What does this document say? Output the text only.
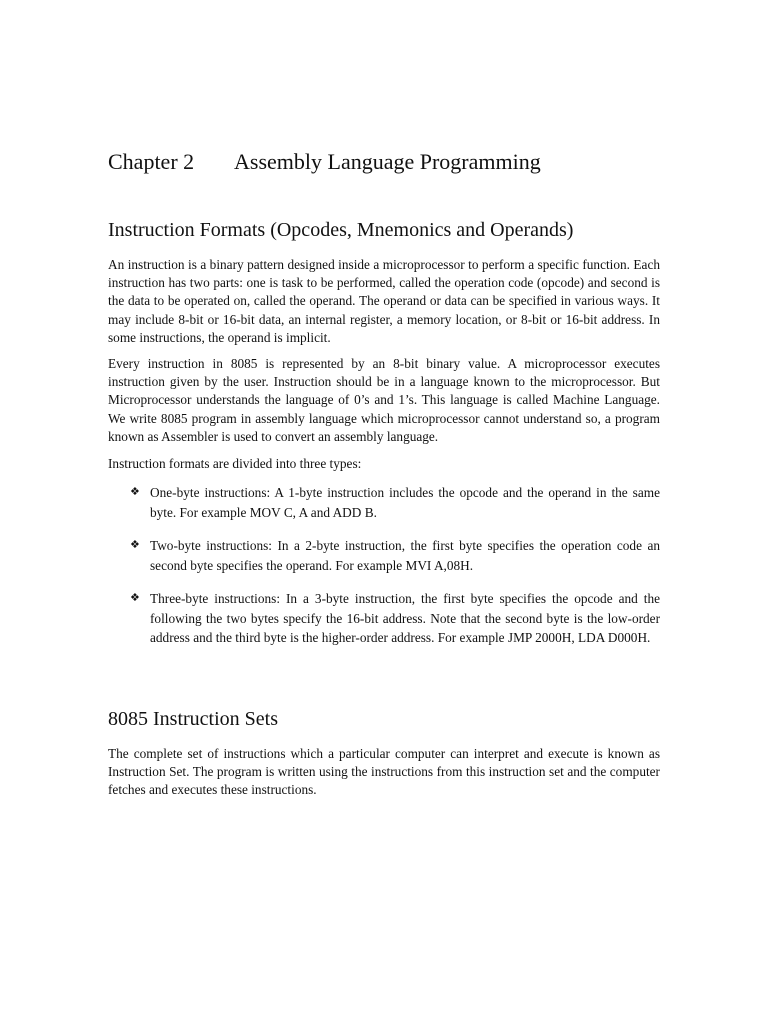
Chapter 2 Assembly Language Programming
Instruction Formats (Opcodes, Mnemonics and Operands)

An instruction is a binary pattern designed inside a microprocessor to perform a specific function. Each instruction has two parts: one is task to be performed, called the operation code (opcode) and second is the data to be operated on, called the operand. The operand or data can be specified in various ways. It may include 8-bit or 16-bit data, an internal register, a memory location, or 8-bit or 16-bit address. In some instructions, the operand is implicit.

Every instruction in 8085 is represented by an 8-bit binary value. A microprocessor executes instruction given by the user. Instruction should be in a language known to the microprocessor. But Microprocessor understands the language of 0’s and 1’s. This language is called Machine Language. We write 8085 program in assembly language which microprocessor cannot understand so, a program known as Assembler is used to convert an assembly language.

Instruction formats are divided into three types:

❖ One-byte instructions: A 1-byte instruction includes the opcode and the operand in the same byte. For example MOV C, A and ADD B.

❖ Two-byte instructions: In a 2-byte instruction, the first byte specifies the operation code an second byte specifies the operand. For example MVI A,08H.

❖ Three-byte instructions: In a 3-byte instruction, the first byte specifies the opcode and the following the two bytes specify the 16-bit address. Note that the second byte is the low-order address and the third byte is the higher-order address. For example JMP 2000H, LDA D000H.

8085 Instruction Sets

The complete set of instructions which a particular computer can interpret and execute is known as Instruction Set. The program is written using the instructions from this instruction set and the computer fetches and executes these instructions.
